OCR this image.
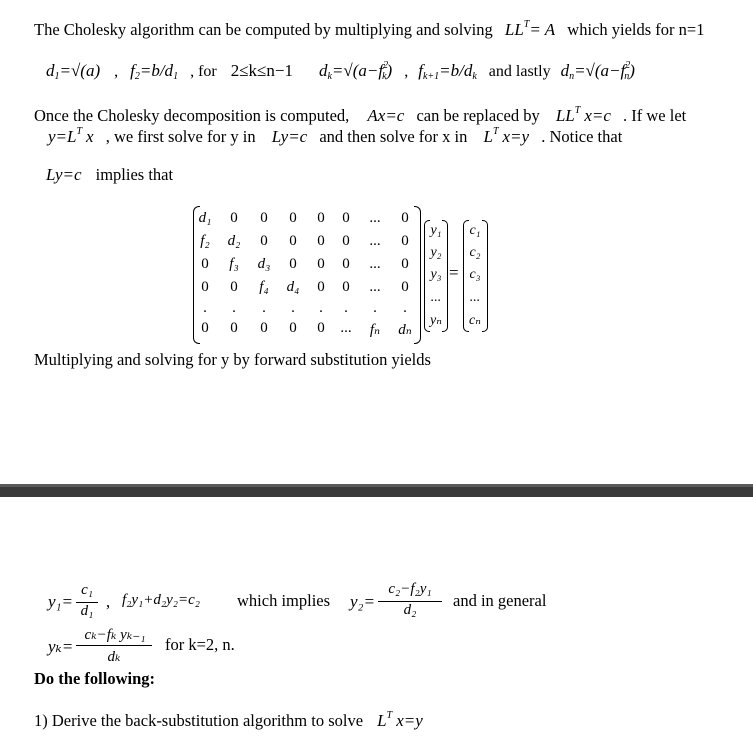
The Cholesky algorithm can be computed by multiplying and solving $LL^T= A$ which yields for n=1
$d_1=√(a)$ , $f_2=b/d_1$ , for 2≤k≤n−1 $d_k=√(a-f^2_k)$ , $f_{k+1}=b/d_k$ and lastly $d_n=√(a-f^2_n)$
Once the Cholesky decomposition is computed, Ax=c can be replaced by $LL^T$ x=c . If we let
$y=L^T$ x , we first solve for y in Ly=c and then solve for x in $L^T$ x=y . Notice that
Ly=c implies that
d₁	0	0	0	0	0	...	0
f₂	d₂	0	0	0	0	...	0
0	f₃	d₃	0	0	0	...	0
0	0	f₄	d₄	0	0	...	0
.	.	.	.	.	.	.	.
0	0	0	0	0	...	fₙ	dₙ
y₁
y₂
y₃
...
yₙ
=
c₁
c₂
c₃
...
cₙ
Multiplying and solving for y by forward substitution yields
y₁=
c₁
d₁ , f₂y₁+d₂y₂=c₂ which implies y₂=
c₂−f₂y₁
d₂	and in general
yₖ=
cₖ−fₖ yₖ₋₁
dₖ
for k=2, n.
Do the following:
1) Derive the back-substitution algorithm to solve $L^T$ x=y
